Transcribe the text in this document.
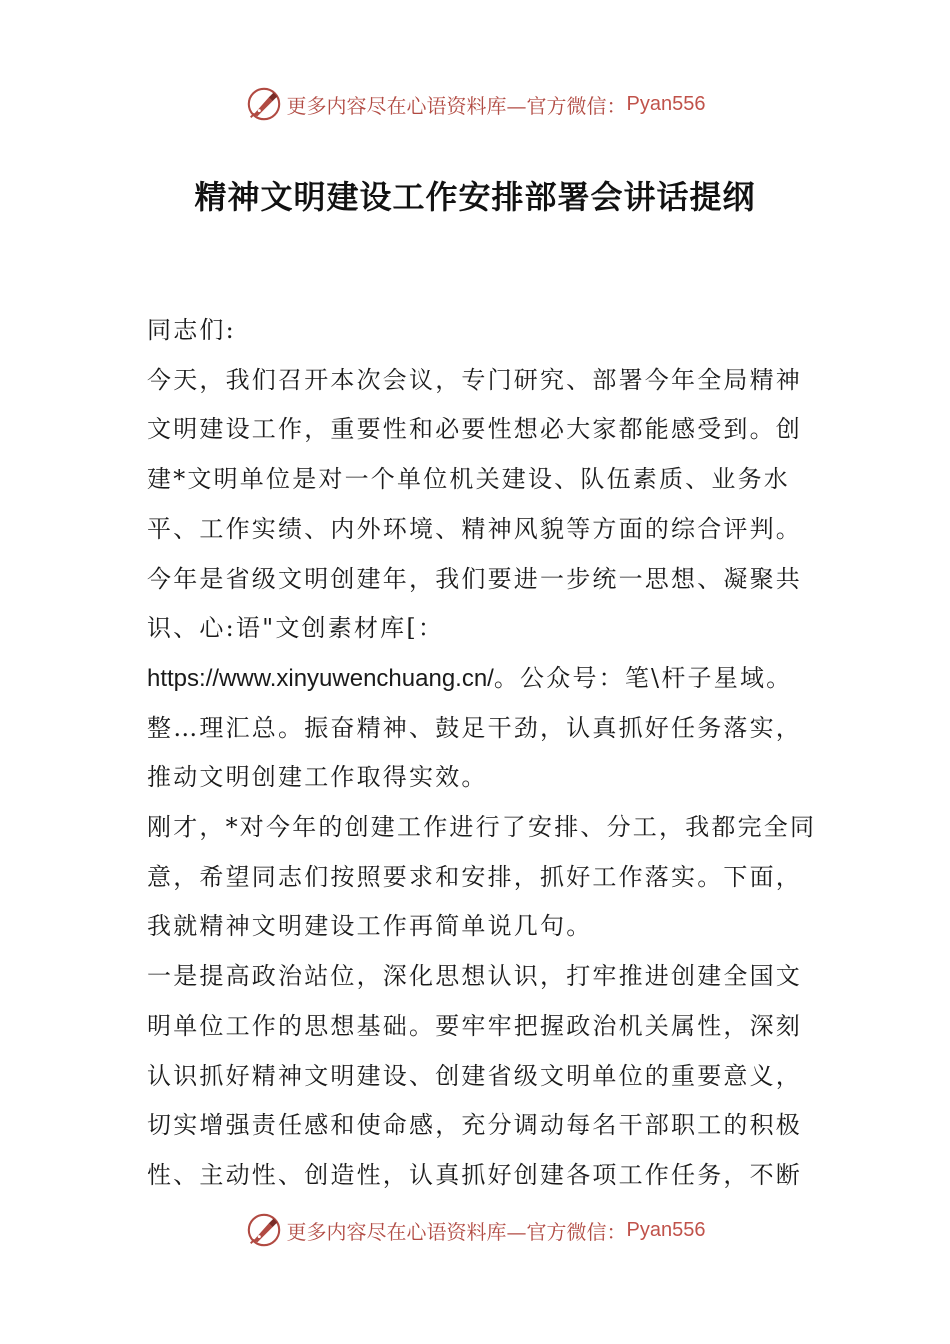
更多内容尽在心语资料库—官方微信： Pyan556
精神文明建设工作安排部署会讲话提纲

同志们:

今天，我们召开本次会议，专门研究、部署今年全局精神文明建设工作，重要性和必要性想必大家都能感受到。创建*文明单位是对一个单位机关建设、队伍素质、业务水平、工作实绩、内外环境、精神风貌等方面的综合评判。今年是省级文明创建年，我们要进一步统一思想、凝聚共识、心:语"文创素材库[：https://www.xinyuwenchuang.cn/。公众号：笔\杆子星域。整…理汇总。振奋精神、鼓足干劲，认真抓好任务落实，推动文明创建工作取得实效。

刚才，*对今年的创建工作进行了安排、分工，我都完全同意，希望同志们按照要求和安排，抓好工作落实。下面，我就精神文明建设工作再简单说几句。

一是提高政治站位，深化思想认识，打牢推进创建全国文明单位工作的思想基础。要牢牢把握政治机关属性，深刻认识抓好精神文明建设、创建省级文明单位的重要意义，切实增强责任感和使命感，充分调动每名干部职工的积极性、主动性、创造性，认真抓好创建各项工作任务，不断

更多内容尽在心语资料库—官方微信： Pyan556
